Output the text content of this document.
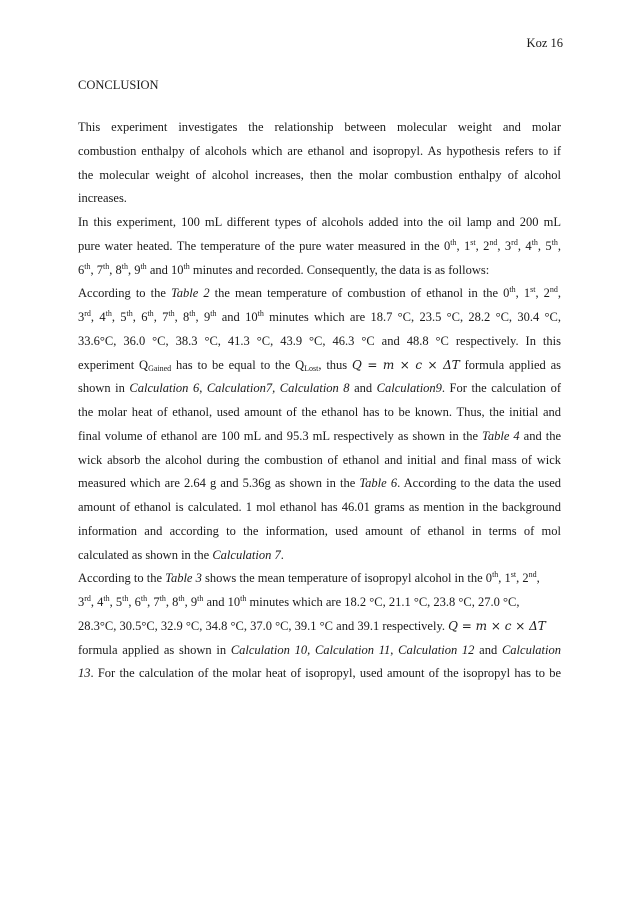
Koz 16
CONCLUSION

This experiment investigates the relationship between molecular weight and molar

combustion enthalpy of alcohols which are ethanol and isopropyl. As hypothesis refers to if

the molecular weight of alcohol increases, then the molar combustion enthalpy of alcohol

increases.

In this experiment, 100 mL different types of alcohols added into the oil lamp and 200 mL

pure water heated. The temperature of the pure water measured in the 0th, 1st, 2nd, 3rd, 4th, 5th,

6th, 7th, 8th, 9th and 10th minutes and recorded. Consequently, the data is as follows:

According to the Table 2 the mean temperature of combustion of ethanol in the 0th, 1st, 2nd,

3rd, 4th, 5th, 6th, 7th, 8th, 9th and 10th minutes which are 18.7 °C, 23.5 °C, 28.2 °C, 30.4 °C,

33.6°C, 36.0 °C, 38.3 °C, 41.3 °C, 43.9 °C, 46.3 °C and 48.8 °C respectively. In this

experiment $Q_{Gained}$ has to be equal to the $Q_{Lost}$, thus Q = m × c × ΔT formula applied as

shown in Calculation 6, Calculation7, Calculation 8 and Calculation9. For the calculation of

the molar heat of ethanol, used amount of the ethanol has to be known. Thus, the initial and

final volume of ethanol are 100 mL and 95.3 mL respectively as shown in the Table 4 and the

wick absorb the alcohol during the combustion of ethanol and initial and final mass of wick

measured which are 2.64 g and 5.36g as shown in the Table 6. According to the data the used

amount of ethanol is calculated. 1 mol ethanol has 46.01 grams as mention in the background

information and according to the information, used amount of ethanol in terms of mol

calculated as shown in the Calculation 7.

According to the Table 3 shows the mean temperature of isopropyl alcohol in the 0th, 1st, 2nd,

3rd, 4th, 5th, 6th, 7th, 8th, 9th and 10th minutes which are 18.2 °C, 21.1 °C, 23.8 °C, 27.0 °C,

28.3°C, 30.5°C, 32.9 °C, 34.8 °C, 37.0 °C, 39.1 °C and 39.1 respectively. Q = m × c × ΔT

formula applied as shown in Calculation 10, Calculation 11, Calculation 12 and Calculation

13. For the calculation of the molar heat of isopropyl, used amount of the isopropyl has to be
